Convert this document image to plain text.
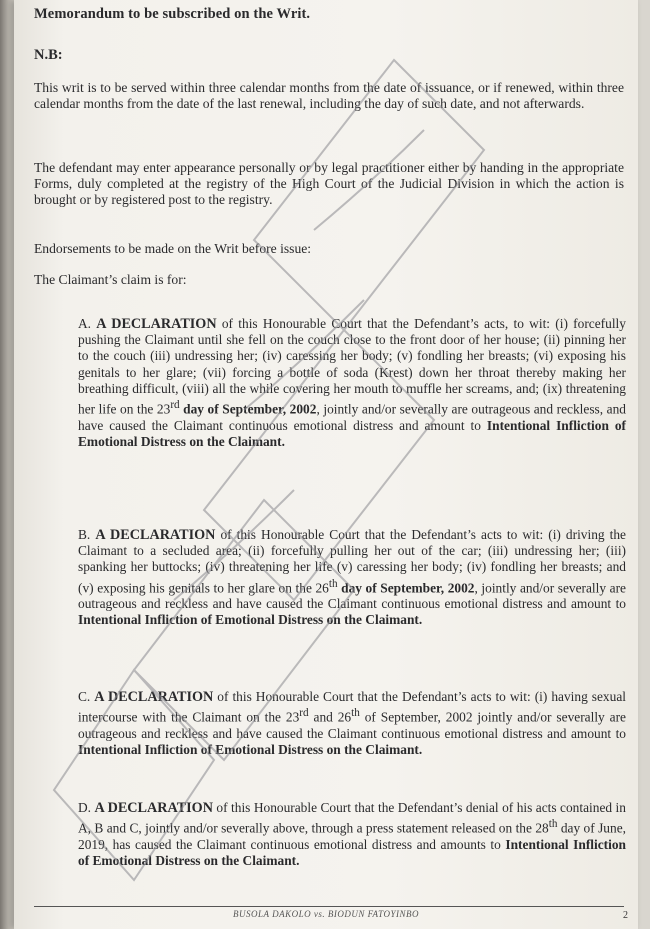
Memorandum to be subscribed on the Writ.
N.B:
This writ is to be served within three calendar months from the date of issuance, or if renewed, within three calendar months from the date of the last renewal, including the day of such date, and not afterwards.
The defendant may enter appearance personally or by legal practitioner either by handing in the appropriate Forms, duly completed at the registry of the High Court of the Judicial Division in which the action is brought or by registered post to the registry.
Endorsements to be made on the Writ before issue:
The Claimant’s claim is for:
A. A DECLARATION of this Honourable Court that the Defendant’s acts, to wit: (i) forcefully pushing the Claimant until she fell on the couch close to the front door of her house; (ii) pinning her to the couch (iii) undressing her; (iv) caressing her body; (v) fondling her breasts; (vi) exposing his genitals to her glare; (vii) forcing a bottle of soda (Krest) down her throat thereby making her breathing difficult, (viii) all the while covering her mouth to muffle her screams, and; (ix) threatening her life on the 23rd day of September, 2002, jointly and/or severally are outrageous and reckless, and have caused the Claimant continuous emotional distress and amount to Intentional Infliction of Emotional Distress on the Claimant.
B. A DECLARATION of this Honourable Court that the Defendant’s acts to wit: (i) driving the Claimant to a secluded area; (ii) forcefully pulling her out of the car; (iii) undressing her; (iii) spanking her buttocks; (iv) threatening her life (v) caressing her body; (iv) fondling her breasts; and (v) exposing his genitals to her glare on the 26th day of September, 2002, jointly and/or severally are outrageous and reckless and have caused the Claimant continuous emotional distress and amount to Intentional Infliction of Emotional Distress on the Claimant.
C. A DECLARATION of this Honourable Court that the Defendant’s acts to wit: (i) having sexual intercourse with the Claimant on the 23rd and 26th of September, 2002 jointly and/or severally are outrageous and reckless and have caused the Claimant continuous emotional distress and amount to Intentional Infliction of Emotional Distress on the Claimant.
D. A DECLARATION of this Honourable Court that the Defendant’s denial of his acts contained in A, B and C, jointly and/or severally above, through a press statement released on the 28th day of June, 2019, has caused the Claimant continuous emotional distress and amounts to Intentional Infliction of Emotional Distress on the Claimant.
BUSOLA DAKOLO vs. BIODUN FATOYINBO	2
